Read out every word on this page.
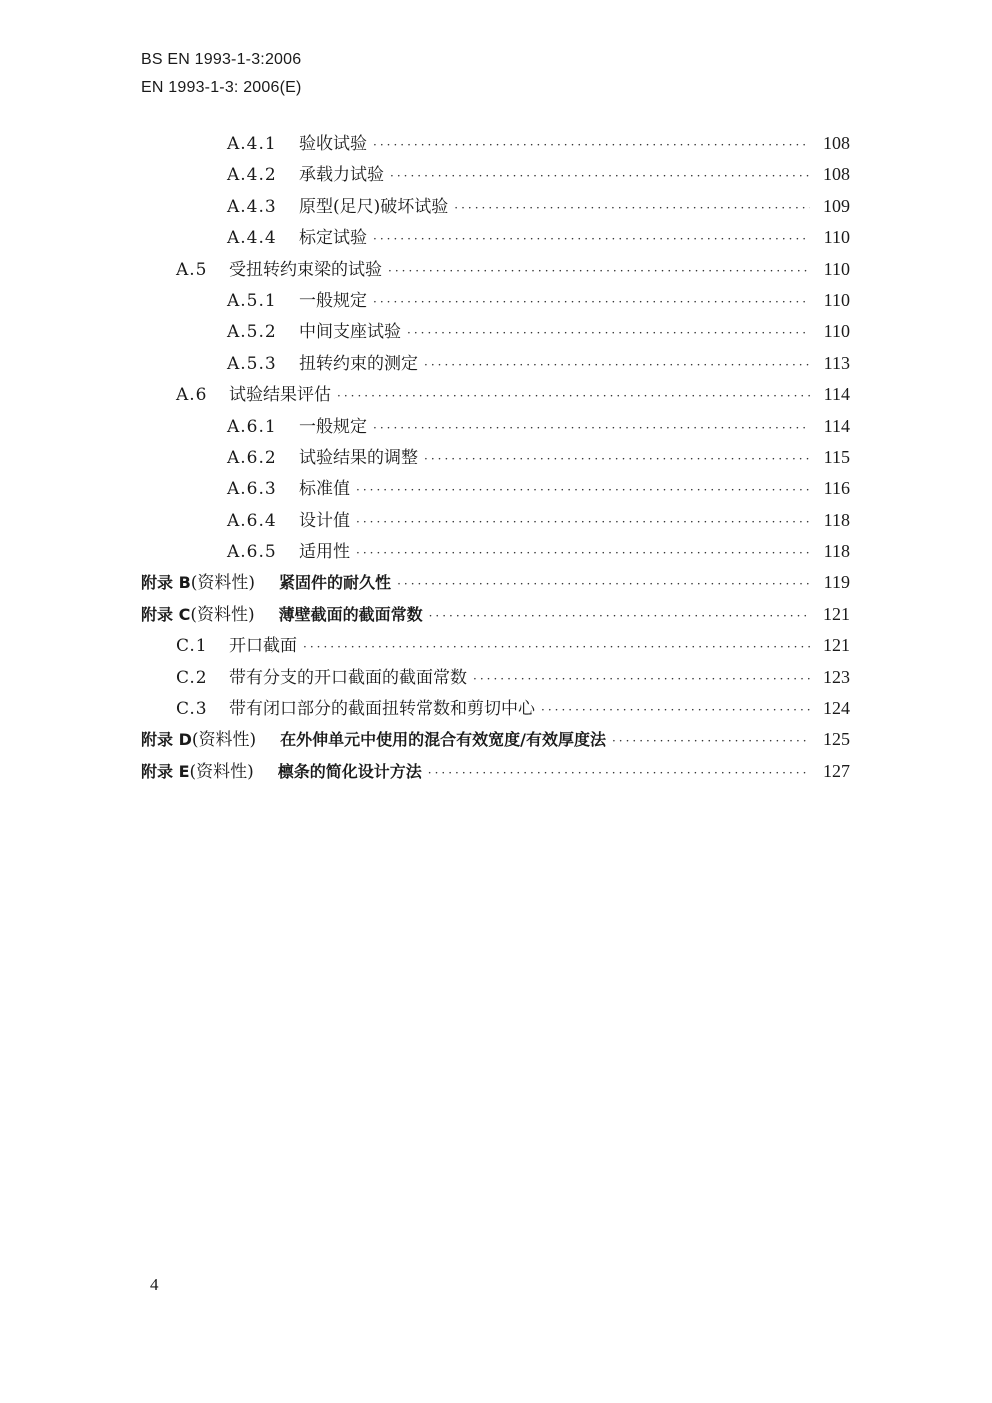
BS EN 1993-1-3:2006
EN 1993-1-3: 2006(E)
A.4.1	验收试验 ·····	108
A.4.2	承载力试验 ·····	108
A.4.3	原型(足尺)破坏试验 ·····	109
A.4.4	标定试验 ·····	110
A.5	受扭转约束梁的试验 ·····	110
A.5.1	一般规定 ·····	110
A.5.2	中间支座试验 ·····	110
A.5.3	扭转约束的测定 ·····	113
A.6	试验结果评估 ·····	114
A.6.1	一般规定 ·····	114
A.6.2	试验结果的调整 ·····	115
A.6.3	标准值 ·····	116
A.6.4	设计值 ·····	118
A.6.5	适用性 ·····	118
附录 B (资料性) 紧固件的耐久性 ·····	119
附录 C (资料性) 薄壁截面的截面常数 ·····	121
C.1	开口截面 ·····	121
C.2	带有分支的开口截面的截面常数 ·····	123
C.3	带有闭口部分的截面扭转常数和剪切中心 ·····	124
附录 D (资料性) 在外伸单元中使用的混合有效宽度/有效厚度法 ·····	125
附录 E (资料性) 檩条的简化设计方法 ·····	127
4
